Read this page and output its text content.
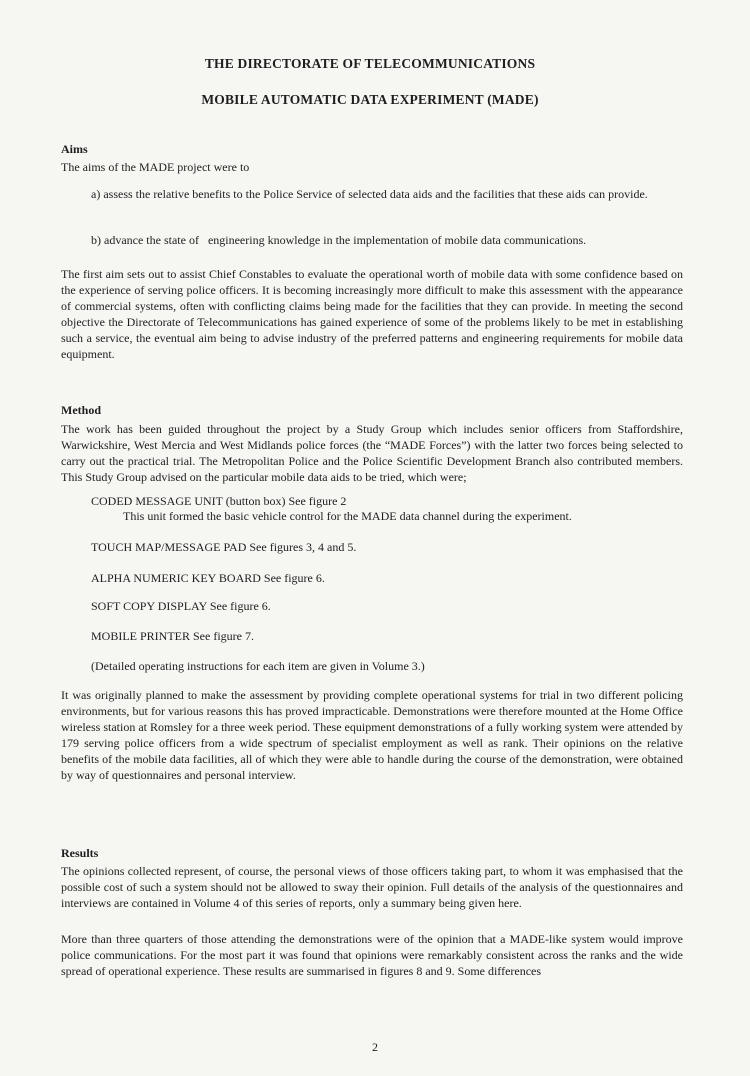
THE DIRECTORATE OF TELECOMMUNICATIONS
MOBILE AUTOMATIC DATA EXPERIMENT (MADE)
Aims
The aims of the MADE project were to
a) assess the relative benefits to the Police Service of selected data aids and the facilities that these aids can provide.
b) advance the state of   engineering knowledge in the implementation of mobile data communications.
The first aim sets out to assist Chief Constables to evaluate the operational worth of mobile data with some confidence based on the experience of serving police officers. It is becoming increasingly more difficult to make this assessment with the appearance of commercial systems, often with conflicting claims being made for the facilities that they can provide. In meeting the second objective the Directorate of Telecommunications has gained experience of some of the problems likely to be met in establishing such a service, the eventual aim being to advise industry of the preferred patterns and engineering requirements for mobile data equipment.
Method
The work has been guided throughout the project by a Study Group which includes senior officers from Staffordshire, Warwickshire, West Mercia and West Midlands police forces (the “MADE Forces”) with the latter two forces being selected to carry out the practical trial. The Metropolitan Police and the Police Scientific Development Branch also contributed members. This Study Group advised on the particular mobile data aids to be tried, which were;
CODED MESSAGE UNIT (button box) See figure 2
This unit formed the basic vehicle control for the MADE data channel during the experiment.
TOUCH MAP/MESSAGE PAD See figures 3, 4 and 5.
ALPHA NUMERIC KEY BOARD See figure 6.
SOFT COPY DISPLAY See figure 6.
MOBILE PRINTER See figure 7.
(Detailed operating instructions for each item are given in Volume 3.)
It was originally planned to make the assessment by providing complete operational systems for trial in two different policing environments, but for various reasons this has proved impracticable. Demonstrations were therefore mounted at the Home Office wireless station at Romsley for a three week period. These equipment demonstrations of a fully working system were attended by 179 serving police officers from a wide spectrum of specialist employment as well as rank. Their opinions on the relative benefits of the mobile data facilities, all of which they were able to handle during the course of the demonstration, were obtained by way of questionnaires and personal interview.
Results
The opinions collected represent, of course, the personal views of those officers taking part, to whom it was emphasised that the possible cost of such a system should not be allowed to sway their opinion. Full details of the analysis of the questionnaires and interviews are contained in Volume 4 of this series of reports, only a summary being given here.
More than three quarters of those attending the demonstrations were of the opinion that a MADE-like system would improve police communications. For the most part it was found that opinions were remarkably consistent across the ranks and the wide spread of operational experience. These results are summarised in figures 8 and 9. Some differences
2
